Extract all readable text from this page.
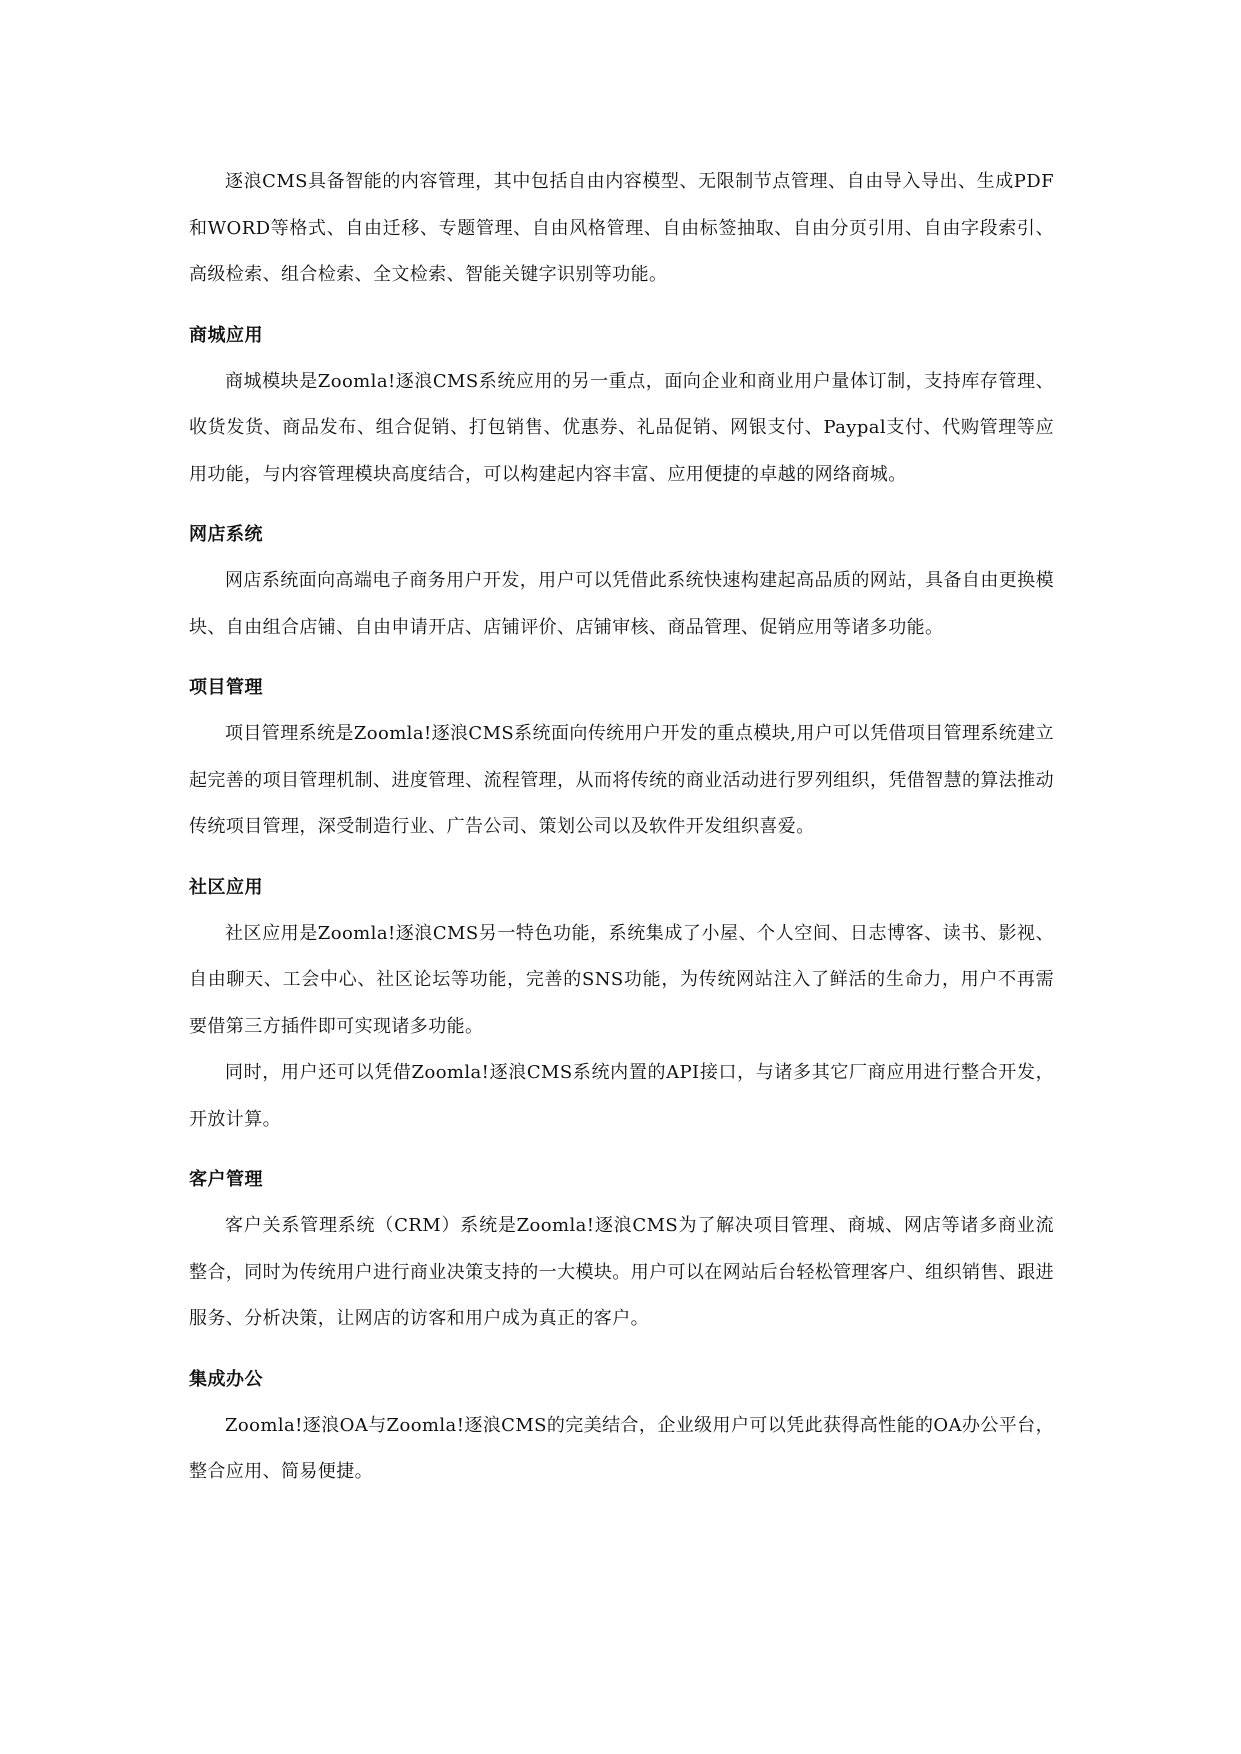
逐浪CMS具备智能的内容管理，其中包括自由内容模型、无限制节点管理、自由导入导出、生成PDF和WORD等格式、自由迁移、专题管理、自由风格管理、自由标签抽取、自由分页引用、自由字段索引、高级检索、组合检索、全文检索、智能关键字识别等功能。

商城应用

商城模块是Zoomla!逐浪CMS系统应用的另一重点，面向企业和商业用户量体订制，支持库存管理、收货发货、商品发布、组合促销、打包销售、优惠券、礼品促销、网银支付、Paypal支付、代购管理等应用功能，与内容管理模块高度结合，可以构建起内容丰富、应用便捷的卓越的网络商城。

网店系统

网店系统面向高端电子商务用户开发，用户可以凭借此系统快速构建起高品质的网站，具备自由更换模块、自由组合店铺、自由申请开店、店铺评价、店铺审核、商品管理、促销应用等诸多功能。

项目管理

项目管理系统是Zoomla!逐浪CMS系统面向传统用户开发的重点模块,用户可以凭借项目管理系统建立起完善的项目管理机制、进度管理、流程管理，从而将传统的商业活动进行罗列组织，凭借智慧的算法推动传统项目管理，深受制造行业、广告公司、策划公司以及软件开发组织喜爱。

社区应用

社区应用是Zoomla!逐浪CMS另一特色功能，系统集成了小屋、个人空间、日志博客、读书、影视、自由聊天、工会中心、社区论坛等功能，完善的SNS功能，为传统网站注入了鲜活的生命力，用户不再需要借第三方插件即可实现诸多功能。

同时，用户还可以凭借Zoomla!逐浪CMS系统内置的API接口，与诸多其它厂商应用进行整合开发，开放计算。

客户管理

客户关系管理系统（CRM）系统是Zoomla!逐浪CMS为了解决项目管理、商城、网店等诸多商业流整合，同时为传统用户进行商业决策支持的一大模块。用户可以在网站后台轻松管理客户、组织销售、跟进服务、分析决策，让网店的访客和用户成为真正的客户。

集成办公

Zoomla!逐浪OA与Zoomla!逐浪CMS的完美结合，企业级用户可以凭此获得高性能的OA办公平台，整合应用、简易便捷。
